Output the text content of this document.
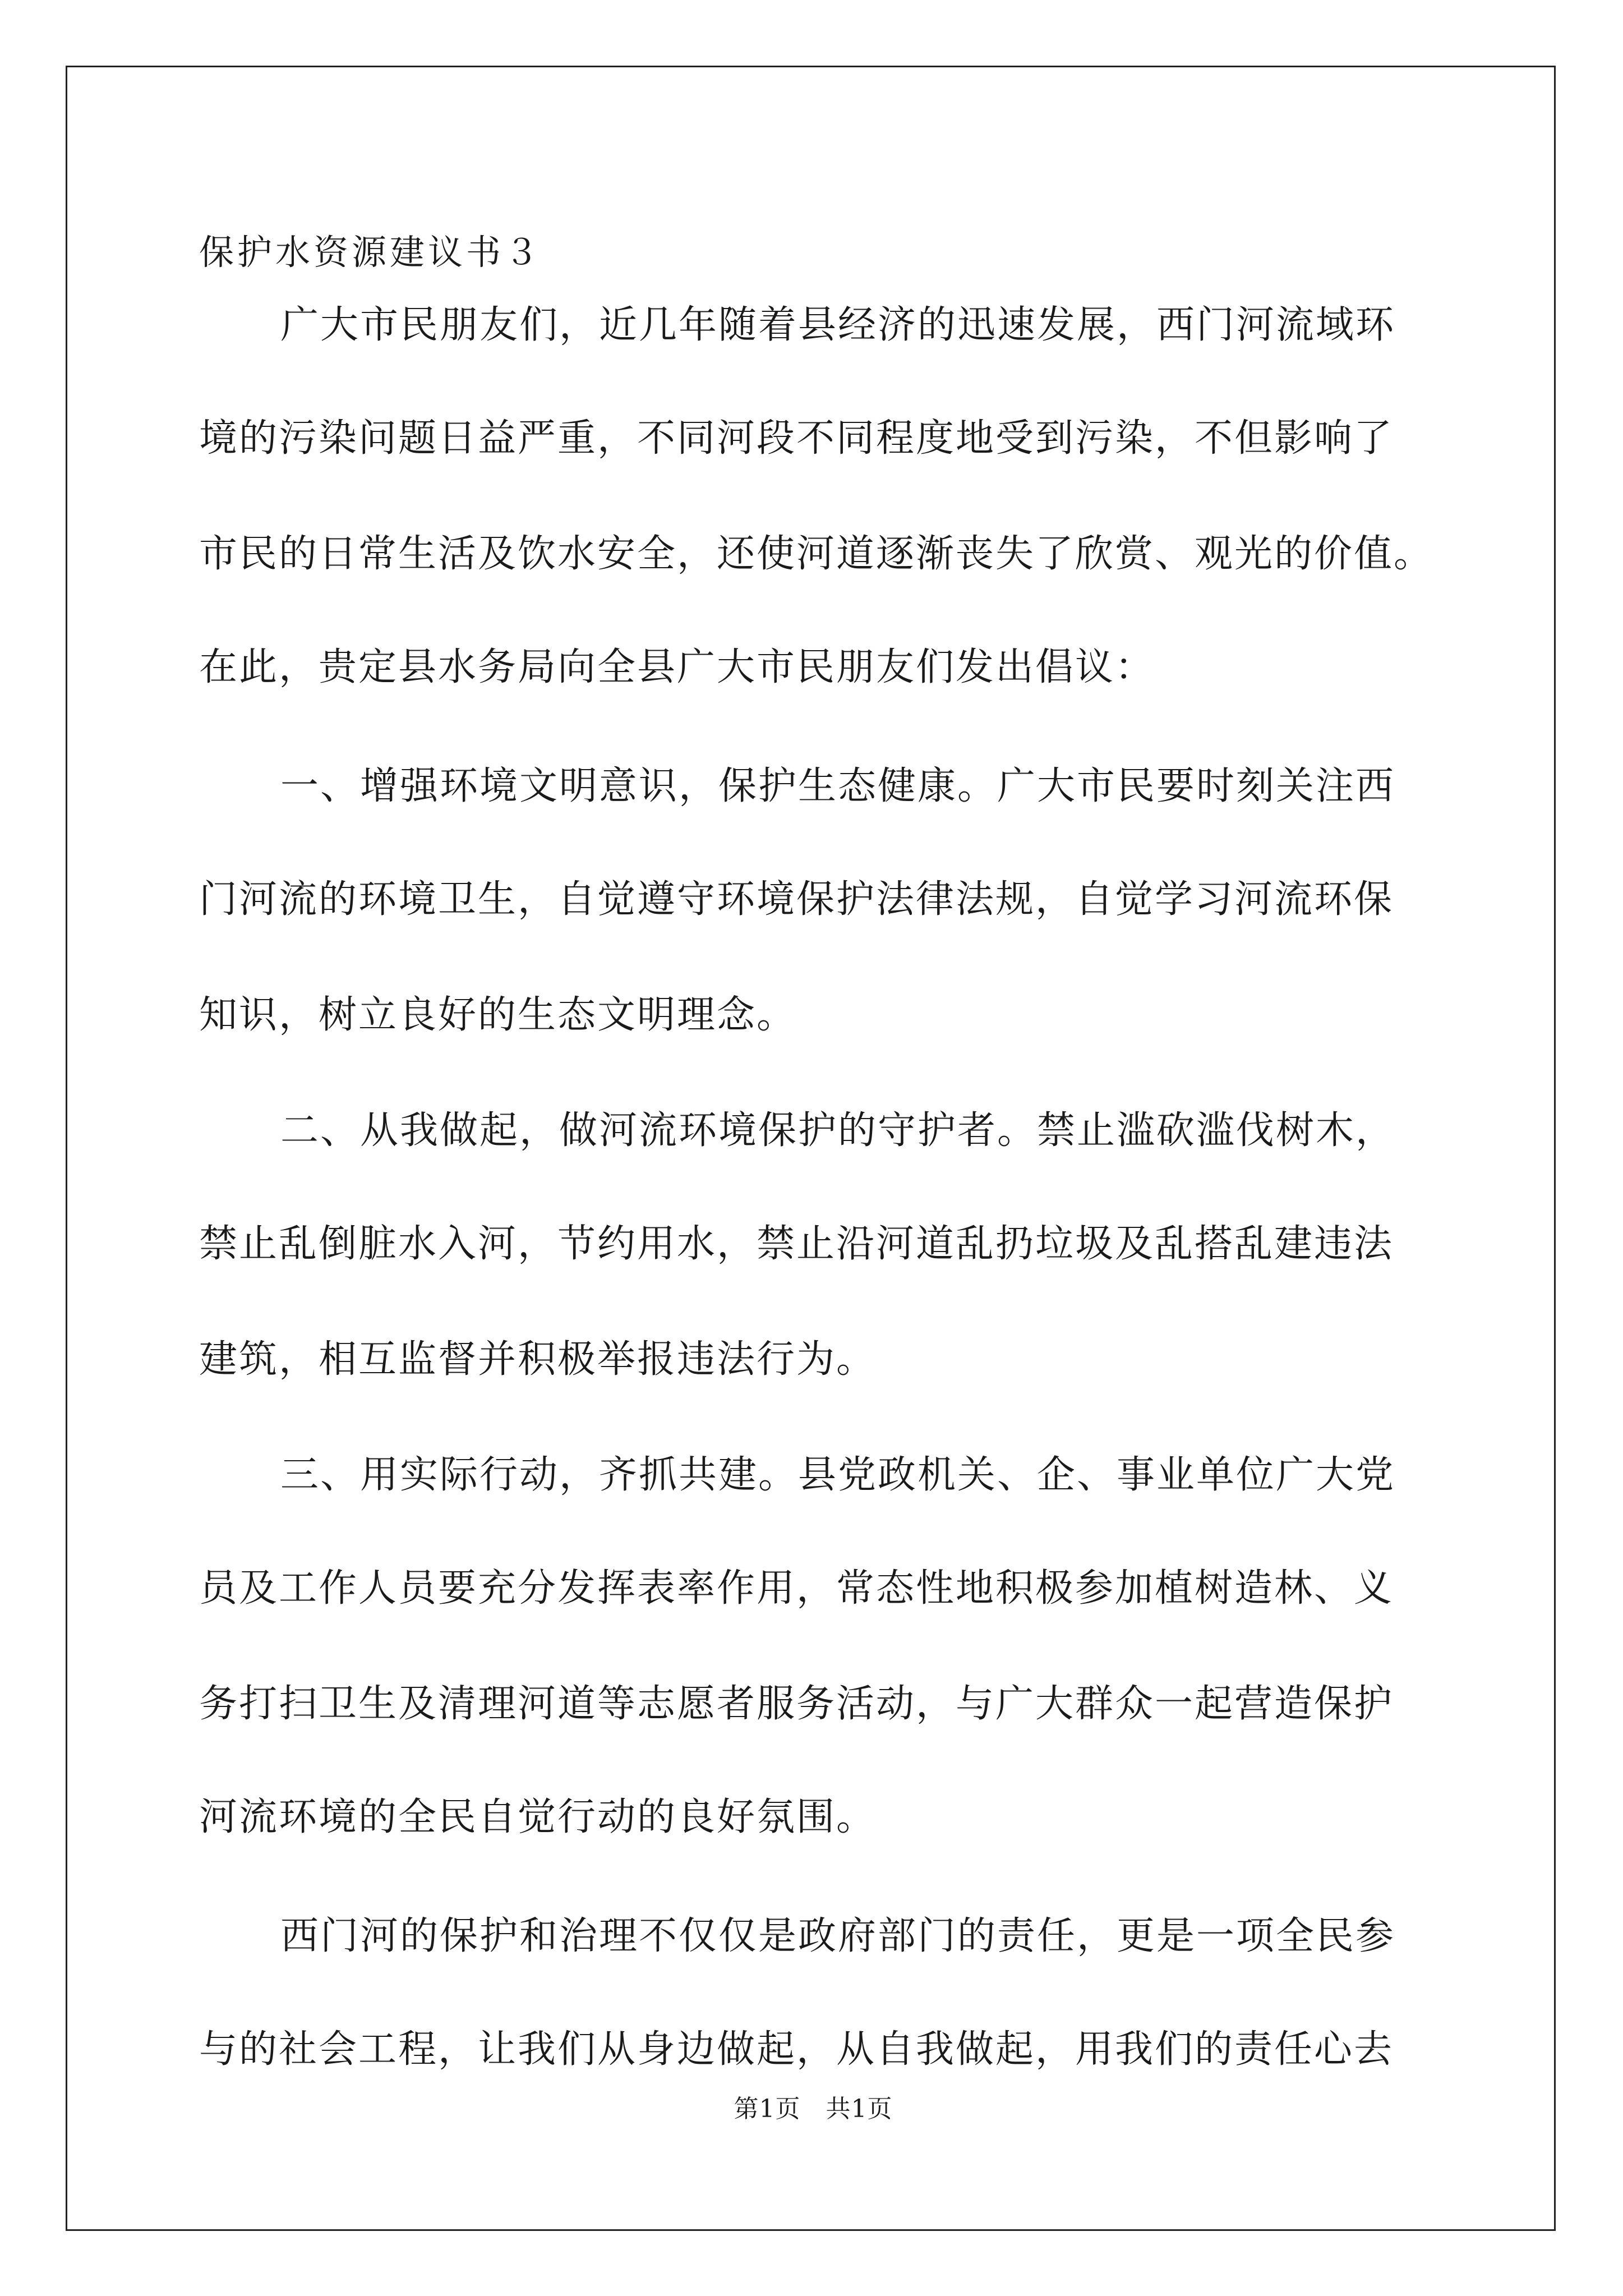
保护水资源建议书３
广大市民朋友们，近几年随着县经济的迅速发展，西门河流域环
境的污染问题日益严重，不同河段不同程度地受到污染，不但影响了
市民的日常生活及饮水安全，还使河道逐渐丧失了欣赏、观光的价值。
在此，贵定县水务局向全县广大市民朋友们发出倡议：
一、增强环境文明意识，保护生态健康。广大市民要时刻关注西
门河流的环境卫生，自觉遵守环境保护法律法规，自觉学习河流环保
知识，树立良好的生态文明理念。
二、从我做起，做河流环境保护的守护者。禁止滥砍滥伐树木，
禁止乱倒脏水入河，节约用水，禁止沿河道乱扔垃圾及乱搭乱建违法
建筑，相互监督并积极举报违法行为。
三、用实际行动，齐抓共建。县党政机关、企、事业单位广大党
员及工作人员要充分发挥表率作用，常态性地积极参加植树造林、义
务打扫卫生及清理河道等志愿者服务活动，与广大群众一起营造保护
河流环境的全民自觉行动的良好氛围。
西门河的保护和治理不仅仅是政府部门的责任，更是一项全民参
与的社会工程，让我们从身边做起，从自我做起，用我们的责任心去
第1页　共1页
